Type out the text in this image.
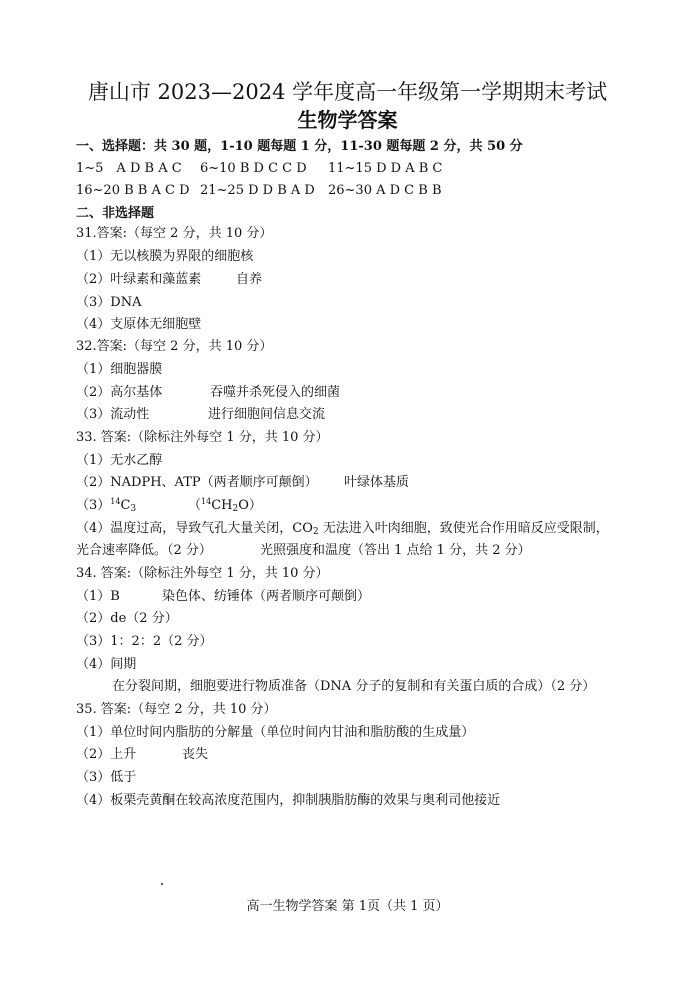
唐山市 2023—2024 学年度高一年级第一学期期末考试
生物学答案
一、选择题：共 30 题，1-10 题每题 1 分，11-30 题每题 2 分，共 50 分
1~5　A D B A C 6~10 B D C C D 11~15 D D A B C
16~20 B B A C D 21~25 D D B A D 26~30 A D C B B
二、非选择题
31.答案:（每空 2 分，共 10 分）
（1）无以核膜为界限的细胞核
（2）叶绿素和藻蓝素	自养
（3）DNA
（4）支原体无细胞壁
32.答案:（每空 2 分，共 10 分）
（1）细胞器膜
（2）高尔基体	吞噬并杀死侵入的细菌
（3）流动性	进行细胞间信息交流
33. 答案:（除标注外每空 1 分，共 10 分）
（1）无水乙醇
（2）NADPH、ATP（两者顺序可颠倒） 叶绿体基质
$(3)^{14}C_3$	$(^{14}CH_2O)$
（4）温度过高，导致气孔大量关闭，$CO_2$ 无法进入叶肉细胞，致使光合作用暗反应受限制，
光合速率降低。（2 分）	光照强度和温度（答出 1 点给 1 分，共 2 分）
34. 答案:（除标注外每空 1 分，共 10 分）
（1）B	染色体、纺锤体（两者顺序可颠倒）
（2）de（2 分）
（3）1：2：2（2 分）
（4）间期
在分裂间期，细胞要进行物质准备（DNA 分子的复制和有关蛋白质的合成）（2 分）
35. 答案:（每空 2 分，共 10 分）
（1）单位时间内脂肪的分解量（单位时间内甘油和脂肪酸的生成量）
（2）上升	丧失
（3）低于
（4）板栗壳黄酮在较高浓度范围内，抑制胰脂肪酶的效果与奥利司他接近
高一生物学答案 第 1页（共 1 页）
